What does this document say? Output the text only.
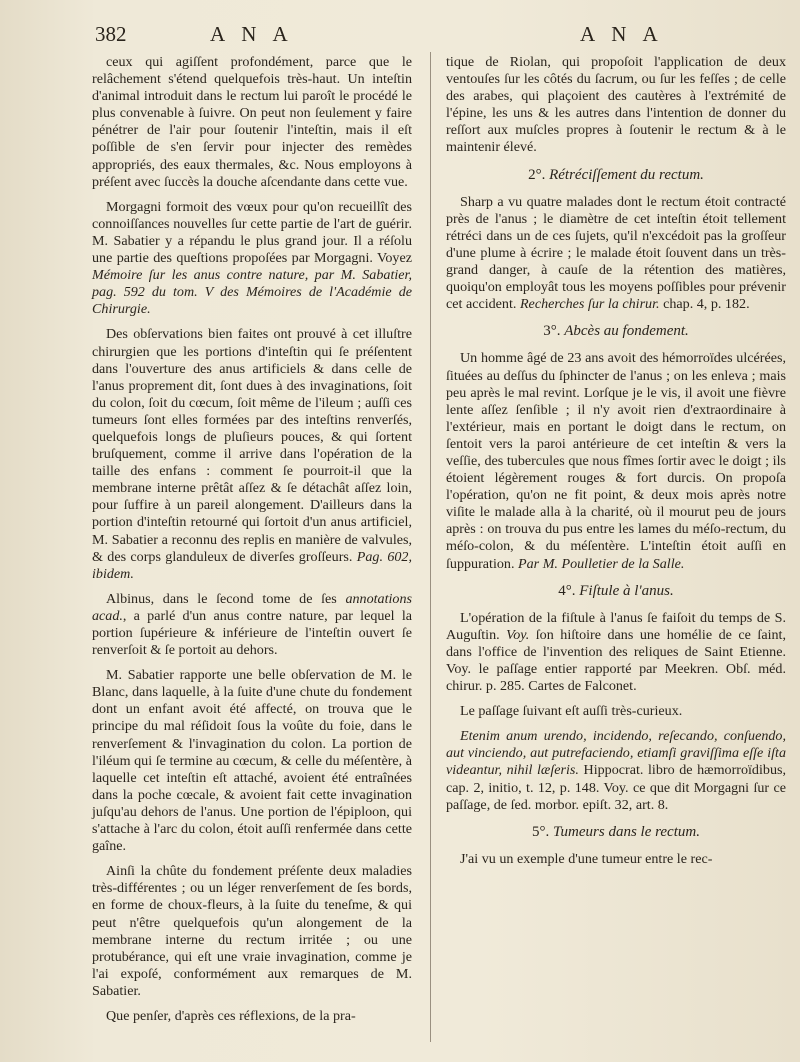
382	A N A	A N A

ceux qui agiſſent profondément, parce que le relâchement s'étend quelquefois très-haut. Un inteſtin d'animal introduit dans le rectum lui paroît le procédé le plus convenable à ſuivre. On peut non ſeulement y faire pénétrer de l'air pour ſoutenir l'inteſtin, mais il eſt poſſible de s'en ſervir pour injecter des remèdes appropriés, des eaux thermales, &c. Nous employons à préſent avec ſuccès la douche aſcendante dans cette vue.

Morgagni formoit des vœux pour qu'on recueillît des connoiſſances nouvelles ſur cette partie de l'art de guérir. M. Sabatier y a répandu le plus grand jour. Il a réſolu une partie des queſtions propoſées par Morgagni. Voyez Mémoire ſur les anus contre nature, par M. Sabatier, pag. 592 du tom. V des Mémoires de l'Académie de Chirurgie.

Des obſervations bien faites ont prouvé à cet illuſtre chirurgien que les portions d'inteſtin qui ſe préſentent dans l'ouverture des anus artificiels & dans celle de l'anus proprement dit, ſont dues à des invaginations, ſoit du colon, ſoit du cœcum, ſoit même de l'ileum ; auſſi ces tumeurs ſont elles formées par des inteſtins renverſés, quelquefois longs de pluſieurs pouces, & qui ſortent bruſquement, comme il arrive dans l'opération de la taille des enfans : comment ſe pourroit-il que la membrane interne prêtât aſſez & ſe détachât aſſez loin, pour ſuffire à un pareil alongement. D'ailleurs dans la portion d'inteſtin retourné qui ſortoit d'un anus artificiel, M. Sabatier a reconnu des replis en manière de valvules, & des corps glanduleux de diverſes groſſeurs. Pag. 602, ibidem.

Albinus, dans le ſecond tome de ſes annotations acad., a parlé d'un anus contre nature, par lequel la portion ſupérieure & inférieure de l'inteſtin ouvert ſe renverſoit & ſe portoit au dehors.

M. Sabatier rapporte une belle obſervation de M. le Blanc, dans laquelle, à la ſuite d'une chute du fondement dont un enfant avoit été affecté, on trouva que le principe du mal réſidoit ſous la voûte du foie, dans le renverſement & l'invagination du colon. La portion de l'iléum qui ſe termine au cœcum, & celle du méſentère, à laquelle cet inteſtin eſt attaché, avoient été entraînées dans la poche cœcale, & avoient fait cette invagination juſqu'au dehors de l'anus. Une portion de l'épiploon, qui s'attache à l'arc du colon, étoit auſſi renfermée dans cette gaîne.

Ainſi la chûte du fondement préſente deux maladies très-différentes ; ou un léger renverſement de ſes bords, en forme de choux-fleurs, à la ſuite du teneſme, & qui peut n'être quelquefois qu'un alongement de la membrane interne du rectum irritée ; ou une protubérance, qui eſt une vraie invagination, comme je l'ai expoſé, conformément aux remarques de M. Sabatier.

Que penſer, d'après ces réflexions, de la pra-

tique de Riolan, qui propoſoit l'application de deux ventouſes ſur les côtés du ſacrum, ou ſur les feſſes ; de celle des arabes, qui plaçoient des cautères à l'extrémité de l'épine, les uns & les autres dans l'intention de donner du reſſort aux muſcles propres à ſoutenir le rectum & à le maintenir élevé.

2°. Rétréciſſement du rectum.

Sharp a vu quatre malades dont le rectum étoit contracté près de l'anus ; le diamètre de cet inteſtin étoit tellement rétréci dans un de ces ſujets, qu'il n'excédoit pas la groſſeur d'une plume à écrire ; le malade étoit ſouvent dans un très-grand danger, à cauſe de la rétention des matières, quoiqu'on employât tous les moyens poſſibles pour prévenir cet accident. Recherches ſur la chirur. chap. 4, p. 182.

3°. Abcès au fondement.

Un homme âgé de 23 ans avoit des hémorroïdes ulcérées, ſituées au deſſus du ſphincter de l'anus ; on les enleva ; mais peu après le mal revint. Lorſque je le vis, il avoit une fièvre lente aſſez ſenſible ; il n'y avoit rien d'extraordinaire à l'extérieur, mais en portant le doigt dans le rectum, on ſentoit vers la paroi antérieure de cet inteſtin & vers la veſſie, des tubercules que nous fîmes ſortir avec le doigt ; ils étoient légèrement rouges & fort durcis. On propoſa l'opération, qu'on ne fit point, & deux mois après notre viſite le malade alla à la charité, où il mourut peu de jours après : on trouva du pus entre les lames du méſo-rectum, du méſo-colon, & du méſentère. L'inteſtin étoit auſſi en ſuppuration. Par M. Poulletier de la Salle.

4°. Fiſtule à l'anus.

L'opération de la fiſtule à l'anus ſe faiſoit du temps de S. Auguſtin. Voy. ſon hiſtoire dans une homélie de ce ſaint, dans l'office de l'invention des reliques de Saint Etienne. Voy. le paſſage entier rapporté par Meekren. Obſ. méd. chirur. p. 285. Cartes de Falconet.

Le paſſage ſuivant eſt auſſi très-curieux.

Etenim anum urendo, incidendo, reſecando, conſuendo, aut vinciendo, aut putrefaciendo, etiamſi graviſſima eſſe iſta videantur, nihil læſeris. Hippocrat. libro de hæmorroïdibus, cap. 2, initio, t. 12, p. 148. Voy. ce que dit Morgagni ſur ce paſſage, de ſed. morbor. epiſt. 32, art. 8.

5°. Tumeurs dans le rectum.

J'ai vu un exemple d'une tumeur entre le rec-
